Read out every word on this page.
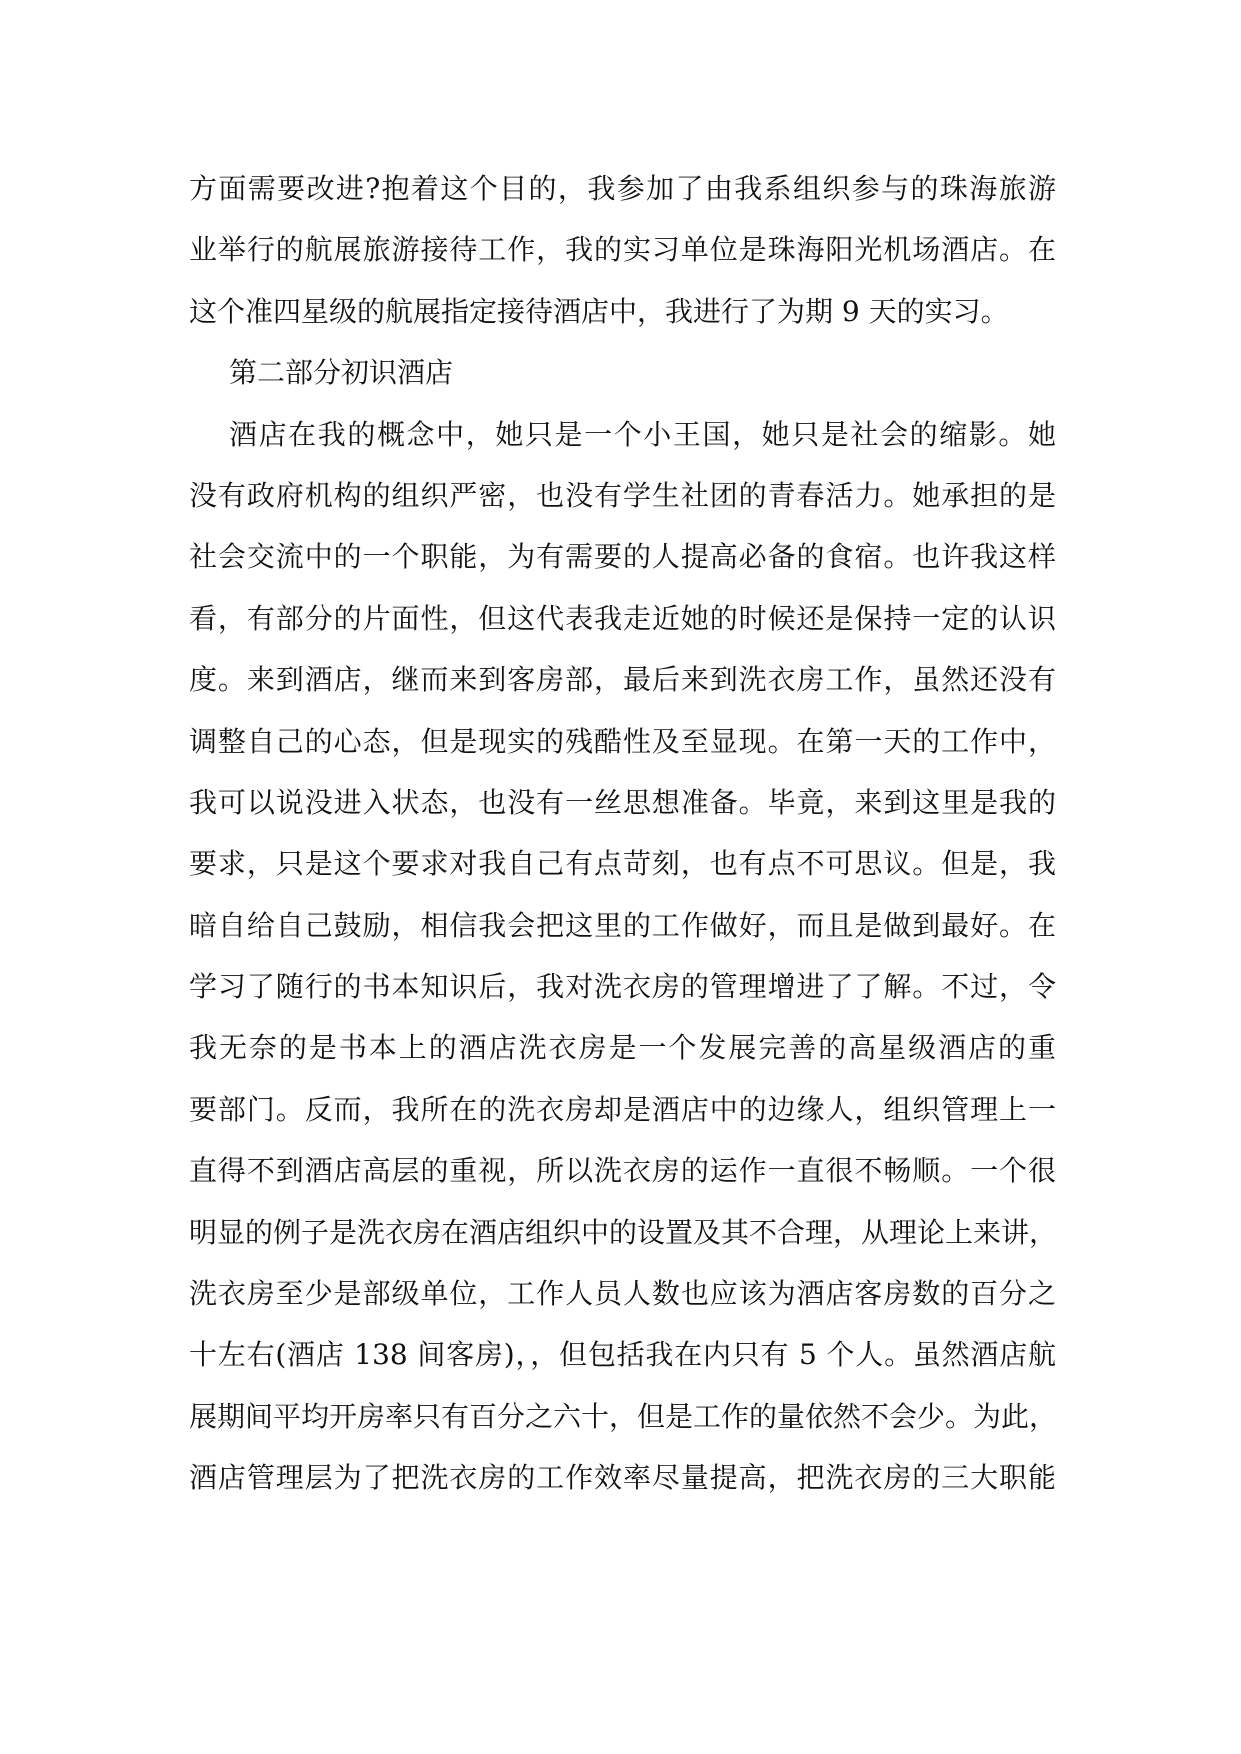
方面需要改进?抱着这个目的，我参加了由我系组织参与的珠海旅游
业举行的航展旅游接待工作，我的实习单位是珠海阳光机场酒店。在
这个准四星级的航展指定接待酒店中，我进行了为期 9 天的实习。
第二部分初识酒店
酒店在我的概念中，她只是一个小王国，她只是社会的缩影。她
没有政府机构的组织严密，也没有学生社团的青春活力。她承担的是
社会交流中的一个职能，为有需要的人提高必备的食宿。也许我这样
看，有部分的片面性，但这代表我走近她的时候还是保持一定的认识
度。来到酒店，继而来到客房部，最后来到洗衣房工作，虽然还没有
调整自己的心态，但是现实的残酷性及至显现。在第一天的工作中，
我可以说没进入状态，也没有一丝思想准备。毕竟，来到这里是我的
要求，只是这个要求对我自己有点苛刻，也有点不可思议。但是，我
暗自给自己鼓励，相信我会把这里的工作做好，而且是做到最好。在
学习了随行的书本知识后，我对洗衣房的管理增进了了解。不过，令
我无奈的是书本上的酒店洗衣房是一个发展完善的高星级酒店的重
要部门。反而，我所在的洗衣房却是酒店中的边缘人，组织管理上一
直得不到酒店高层的重视，所以洗衣房的运作一直很不畅顺。一个很
明显的例子是洗衣房在酒店组织中的设置及其不合理，从理论上来讲，
洗衣房至少是部级单位，工作人员人数也应该为酒店客房数的百分之
十左右(酒店 138 间客房)，，但包括我在内只有 5 个人。虽然酒店航
展期间平均开房率只有百分之六十，但是工作的量依然不会少。为此，
酒店管理层为了把洗衣房的工作效率尽量提高，把洗衣房的三大职能
